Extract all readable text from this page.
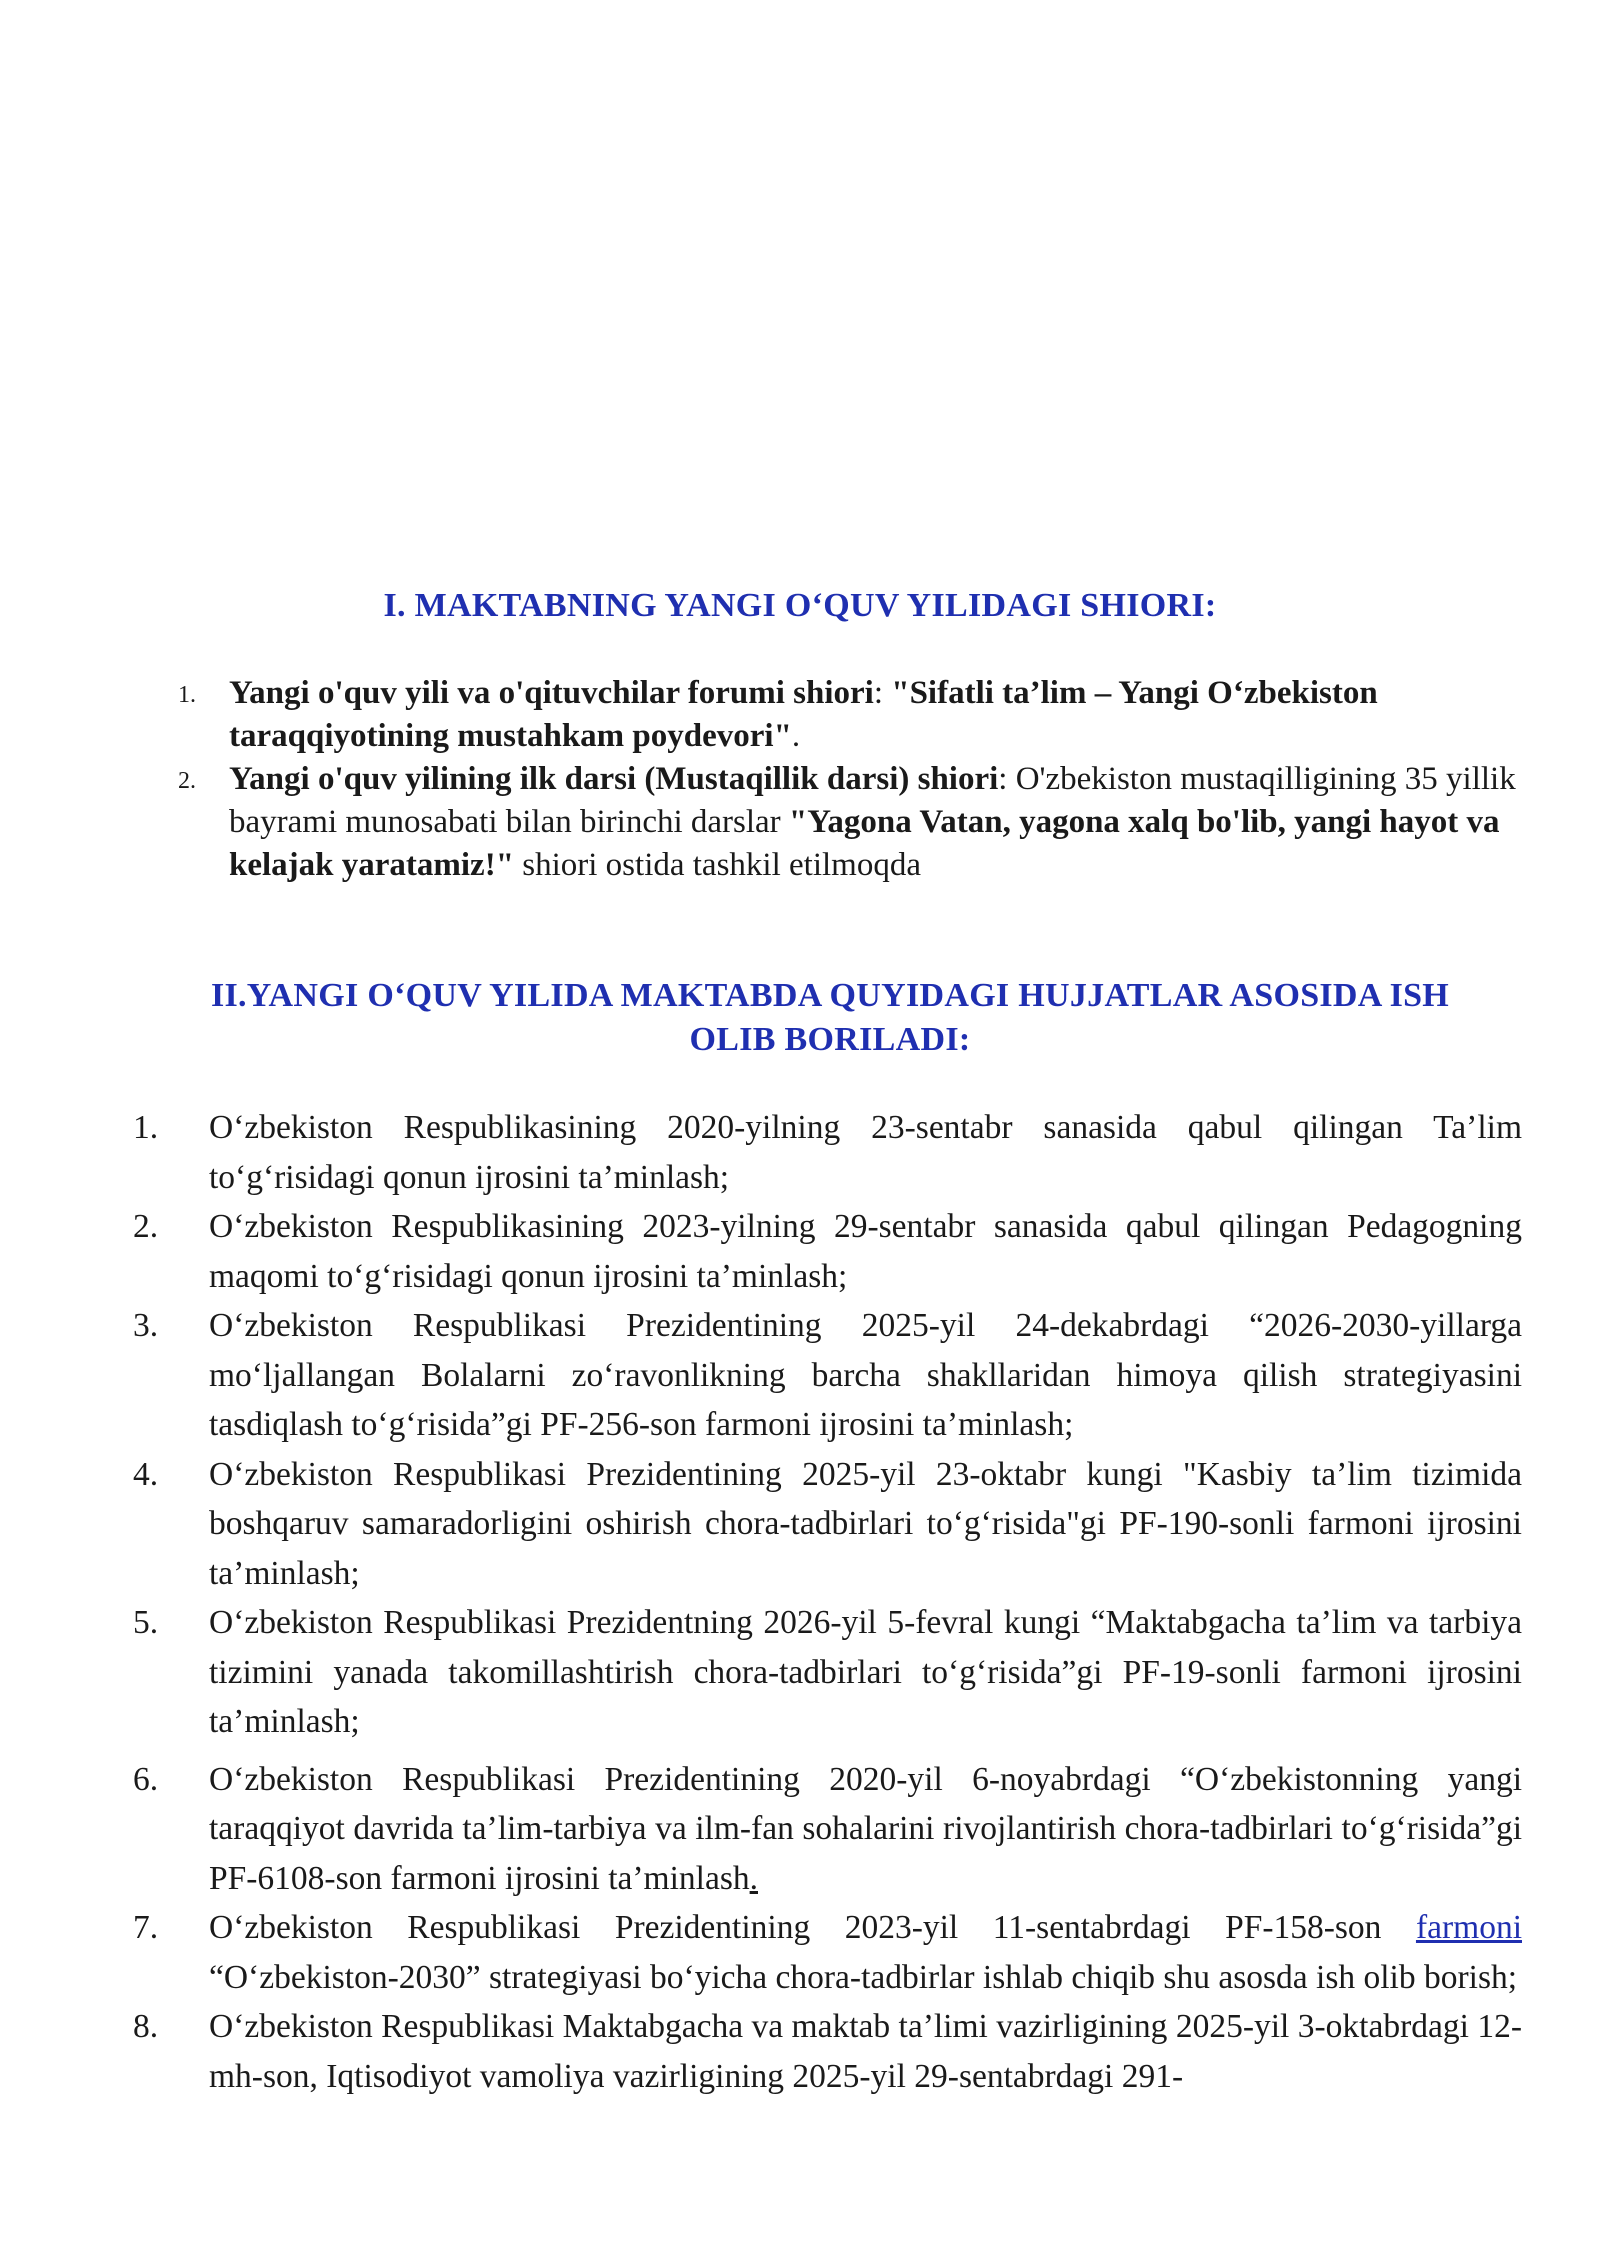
I. MAKTABNING YANGI O‘QUV YILIDAGI SHIORI:
1. Yangi o'quv yili va o'qituvchilar forumi shiori: "Sifatli ta’lim – Yangi O‘zbekiston taraqqiyotining mustahkam poydevori".
2. Yangi o'quv yilining ilk darsi (Mustaqillik darsi) shiori: O'zbekiston mustaqilligining 35 yillik bayrami munosabati bilan birinchi darslar "Yagona Vatan, yagona xalq bo'lib, yangi hayot va kelajak yaratamiz!" shiori ostida tashkil etilmoqda
II.YANGI O‘QUV YILIDA MAKTABDA QUYIDAGI HUJJATLAR ASOSIDA ISH
OLIB BORILADI:
1. O‘zbekiston Respublikasining 2020-yilning 23-sentabr sanasida qabul qilingan Ta’lim to‘g‘risidagi qonun ijrosini ta’minlash;
2. O‘zbekiston Respublikasining 2023-yilning 29-sentabr sanasida qabul qilingan Pedagogning maqomi to‘g‘risidagi qonun ijrosini ta’minlash;
3. O‘zbekiston Respublikasi Prezidentining 2025-yil 24-dekabrdagi “2026-2030-yillarga mo‘ljallangan Bolalarni zo‘ravonlikning barcha shakllaridan himoya qilish strategiyasini tasdiqlash to‘g‘risida”gi PF-256-son farmoni ijrosini ta’minlash;
4. O‘zbekiston Respublikasi Prezidentining 2025-yil 23-oktabr kungi "Kasbiy ta’lim tizimida boshqaruv samaradorligini oshirish chora-tadbirlari to‘g‘risida"gi PF-190-sonli farmoni ijrosini ta’minlash;
5. O‘zbekiston Respublikasi Prezidentning 2026-yil 5-fevral kungi “Maktabgacha ta’lim va tarbiya tizimini yanada takomillashtirish chora-tadbirlari to‘g‘risida”gi PF-19-sonli farmoni ijrosini ta’minlash;
6. O‘zbekiston Respublikasi Prezidentining 2020-yil 6-noyabrdagi “O‘zbekistonning yangi taraqqiyot davrida ta’lim-tarbiya va ilm-fan sohalarini rivojlantirish chora-tadbirlari to‘g‘risida”gi PF-6108-son farmoni ijrosini ta’minlash.
7. O‘zbekiston Respublikasi Prezidentining 2023-yil 11-sentabrdagi PF-158-son farmoni “O‘zbekiston-2030” strategiyasi bo‘yicha chora-tadbirlar ishlab chiqib shu asosda ish olib borish;
8. O‘zbekiston Respublikasi Maktabgacha va maktab ta’limi vazirligining 2025-yil 3-oktabrdagi 12-mh-son, Iqtisodiyot vamoliya vazirligining 2025-yil 29-sentabrdagi 291-
